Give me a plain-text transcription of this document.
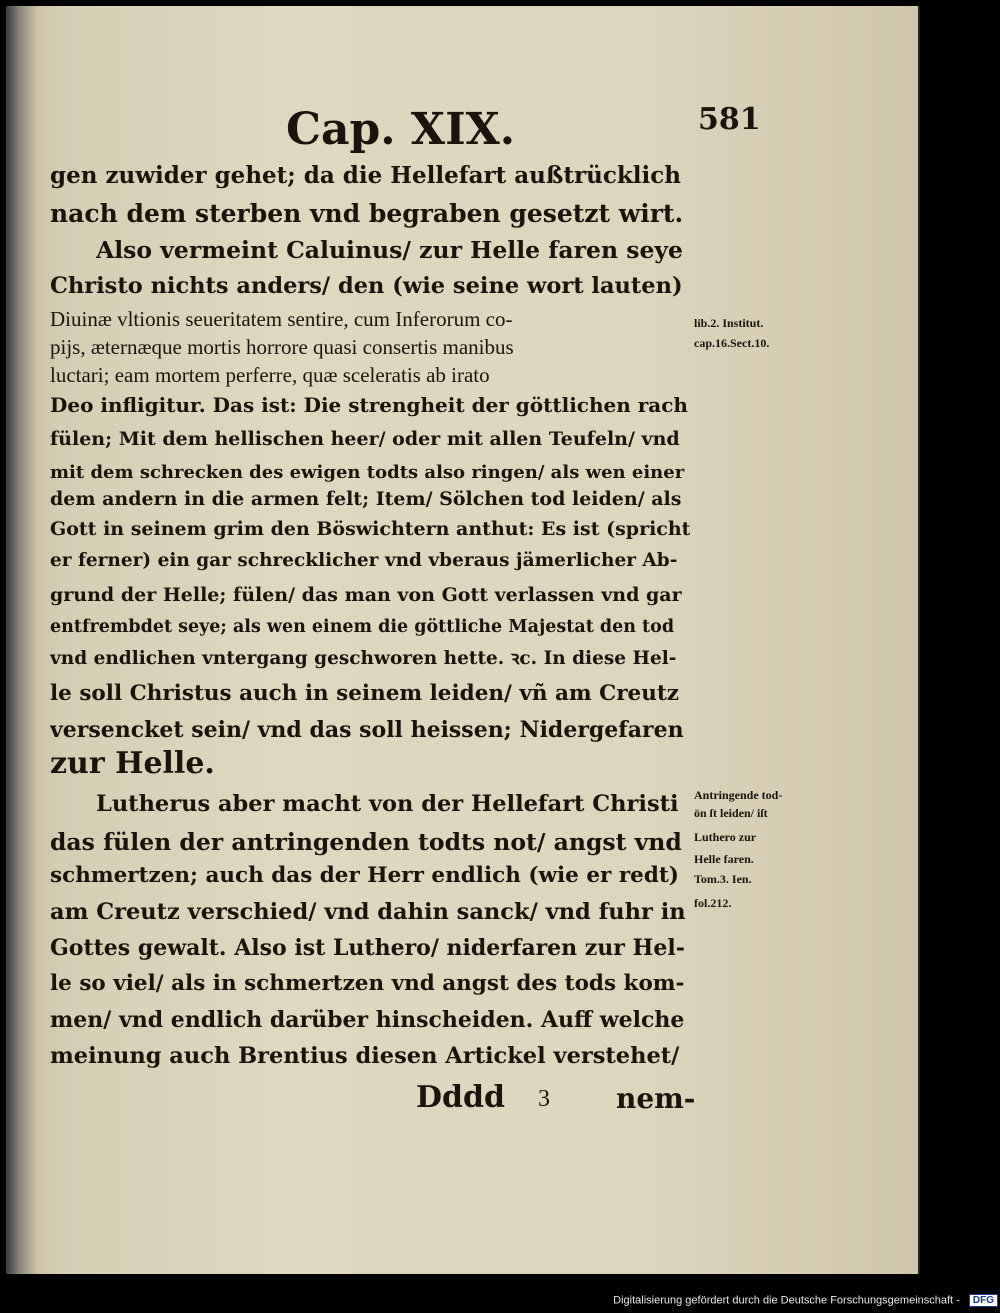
Cap. XIX.	581
gen zuwider gehet; da die Hellefart außtrücklich
nach dem sterben vnd begraben gesetzt wirt.
Also vermeint Caluinus/ zur Helle faren seye
Christo nichts anders/ den (wie seine wort lauten)
Diuinæ vltionis seueritatem sentire, cum Inferorum co-
pijs, æternæque mortis horrore quasi consertis manibus
luctari; eam mortem perferre, quæ sceleratis ab irato
Deo infligitur. Das ist: Die strengheit der göttlichen rach
fülen; Mit dem hellischen heer/ oder mit allen Teufeln/ vnd
mit dem schrecken des ewigen todts also ringen/ als wen einer
dem andern in die armen felt; Item/ Sölchen tod leiden/ als
Gott in seinem grim den Böswichtern anthut: Es ist (spricht
er ferner) ein gar schrecklicher vnd vberaus jämerlicher Ab-
grund der Helle; fülen/ das man von Gott verlassen vnd gar
entfrembdet seye; als wen einem die göttliche Majestat den tod
vnd endlichen vntergang geschworen hette. ꝛc. In diese Hel-
le soll Christus auch in seinem leiden/ vñ am Creutz
versencket sein/ vnd das soll heissen; Nidergefaren
zur Helle.
Lutherus aber macht von der Hellefart Christi
das fülen der antringenden todts not/ angst vnd
schmertzen; auch das der Herr endlich (wie er redt)
am Creutz verschied/ vnd dahin sanck/ vnd fuhr in
Gottes gewalt. Also ist Luthero/ niderfaren zur Hel-
le so viel/ als in schmertzen vnd angst des tods kom-
men/ vnd endlich darüber hinscheiden. Auff welche
meinung auch Brentius diesen Artickel verstehet/
lib.2. Institut.
cap.16.Sect.10.
Antringende tod-
ön ſt leiden/ iſt
Luthero zur
Helle faren.
Tom.3. Ien.
fol.212.
Dddd 3 nem-
Digitalisierung gefördert durch die Deutsche Forschungsgemeinschaft - DFG
